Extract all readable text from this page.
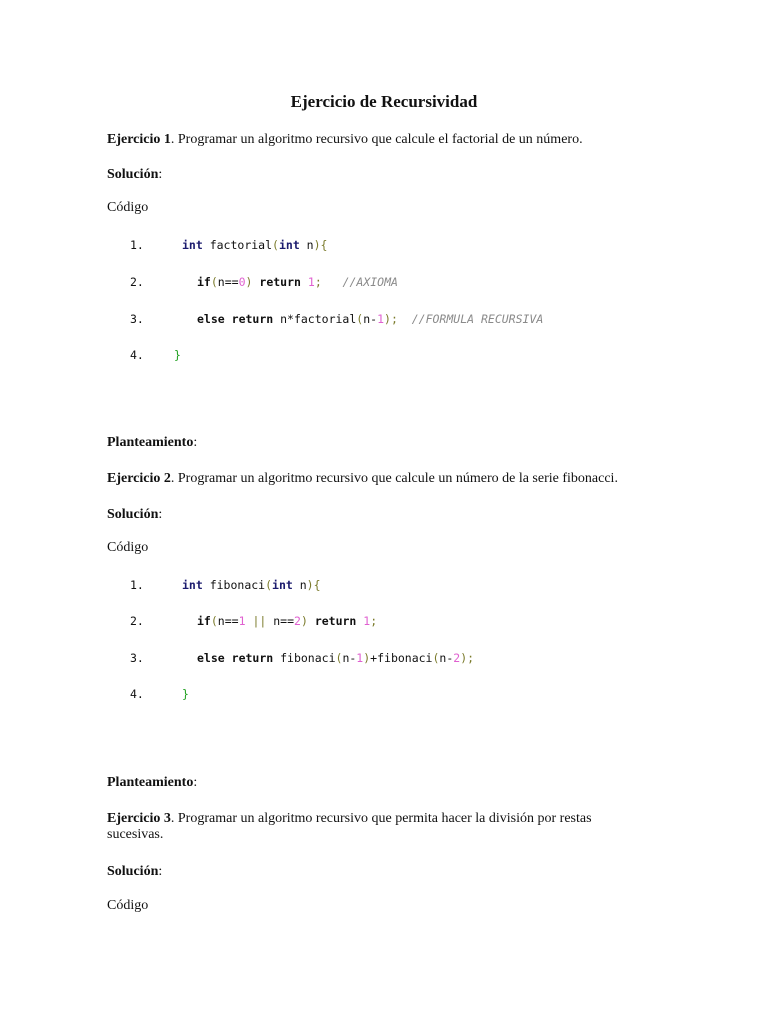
Ejercicio de Recursividad
Ejercicio 1. Programar un algoritmo recursivo que calcule el factorial de un número.
Solución:
Código
1.	int factorial(int n){
2.	if(n==0) return 1; //AXIOMA
3.	else return n*factorial(n-1); //FORMULA RECURSIVA
4.	}
Planteamiento:
Ejercicio 2. Programar un algoritmo recursivo que calcule un número de la serie fibonacci.
Solución:
Código
1.	int fibonaci(int n){
2.	if(n==1 || n==2) return 1;
3.	else return fibonaci(n-1)+fibonaci(n-2);
4.	}
Planteamiento:
Ejercicio 3. Programar un algoritmo recursivo que permita hacer la división por restas sucesivas.
Solución:
Código
